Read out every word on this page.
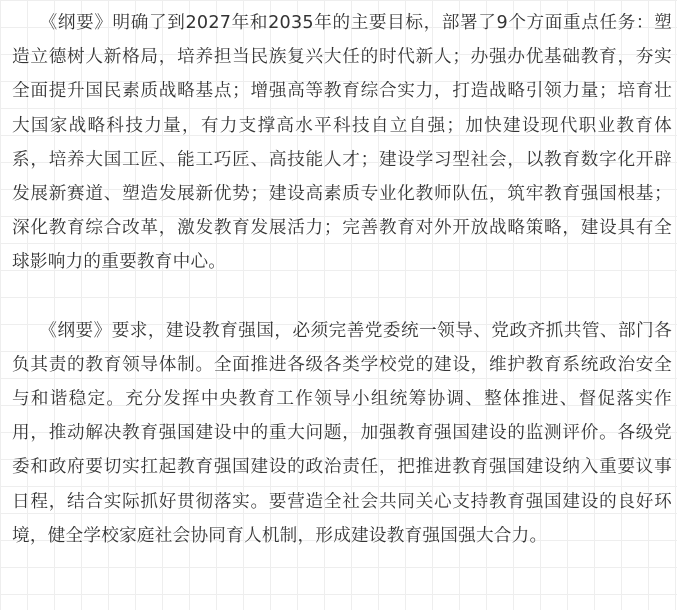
　　《纲要》明确了到2027年和2035年的主要目标，部署了9个方面重点任务：塑造立德树人新格局，培养担当民族复兴大任的时代新人；办强办优基础教育，夯实全面提升国民素质战略基点；增强高等教育综合实力，打造战略引领力量；培育壮大国家战略科技力量，有力支撑高水平科技自立自强；加快建设现代职业教育体系，培养大国工匠、能工巧匠、高技能人才；建设学习型社会，以教育数字化开辟发展新赛道、塑造发展新优势；建设高素质专业化教师队伍，筑牢教育强国根基；深化教育综合改革，激发教育发展活力；完善教育对外开放战略策略，建设具有全球影响力的重要教育中心。

　　《纲要》要求，建设教育强国，必须完善党委统一领导、党政齐抓共管、部门各负其责的教育领导体制。全面推进各级各类学校党的建设，维护教育系统政治安全与和谐稳定。充分发挥中央教育工作领导小组统筹协调、整体推进、督促落实作用，推动解决教育强国建设中的重大问题，加强教育强国建设的监测评价。各级党委和政府要切实扛起教育强国建设的政治责任，把推进教育强国建设纳入重要议事日程，结合实际抓好贯彻落实。要营造全社会共同关心支持教育强国建设的良好环境，健全学校家庭社会协同育人机制，形成建设教育强国强大合力。
